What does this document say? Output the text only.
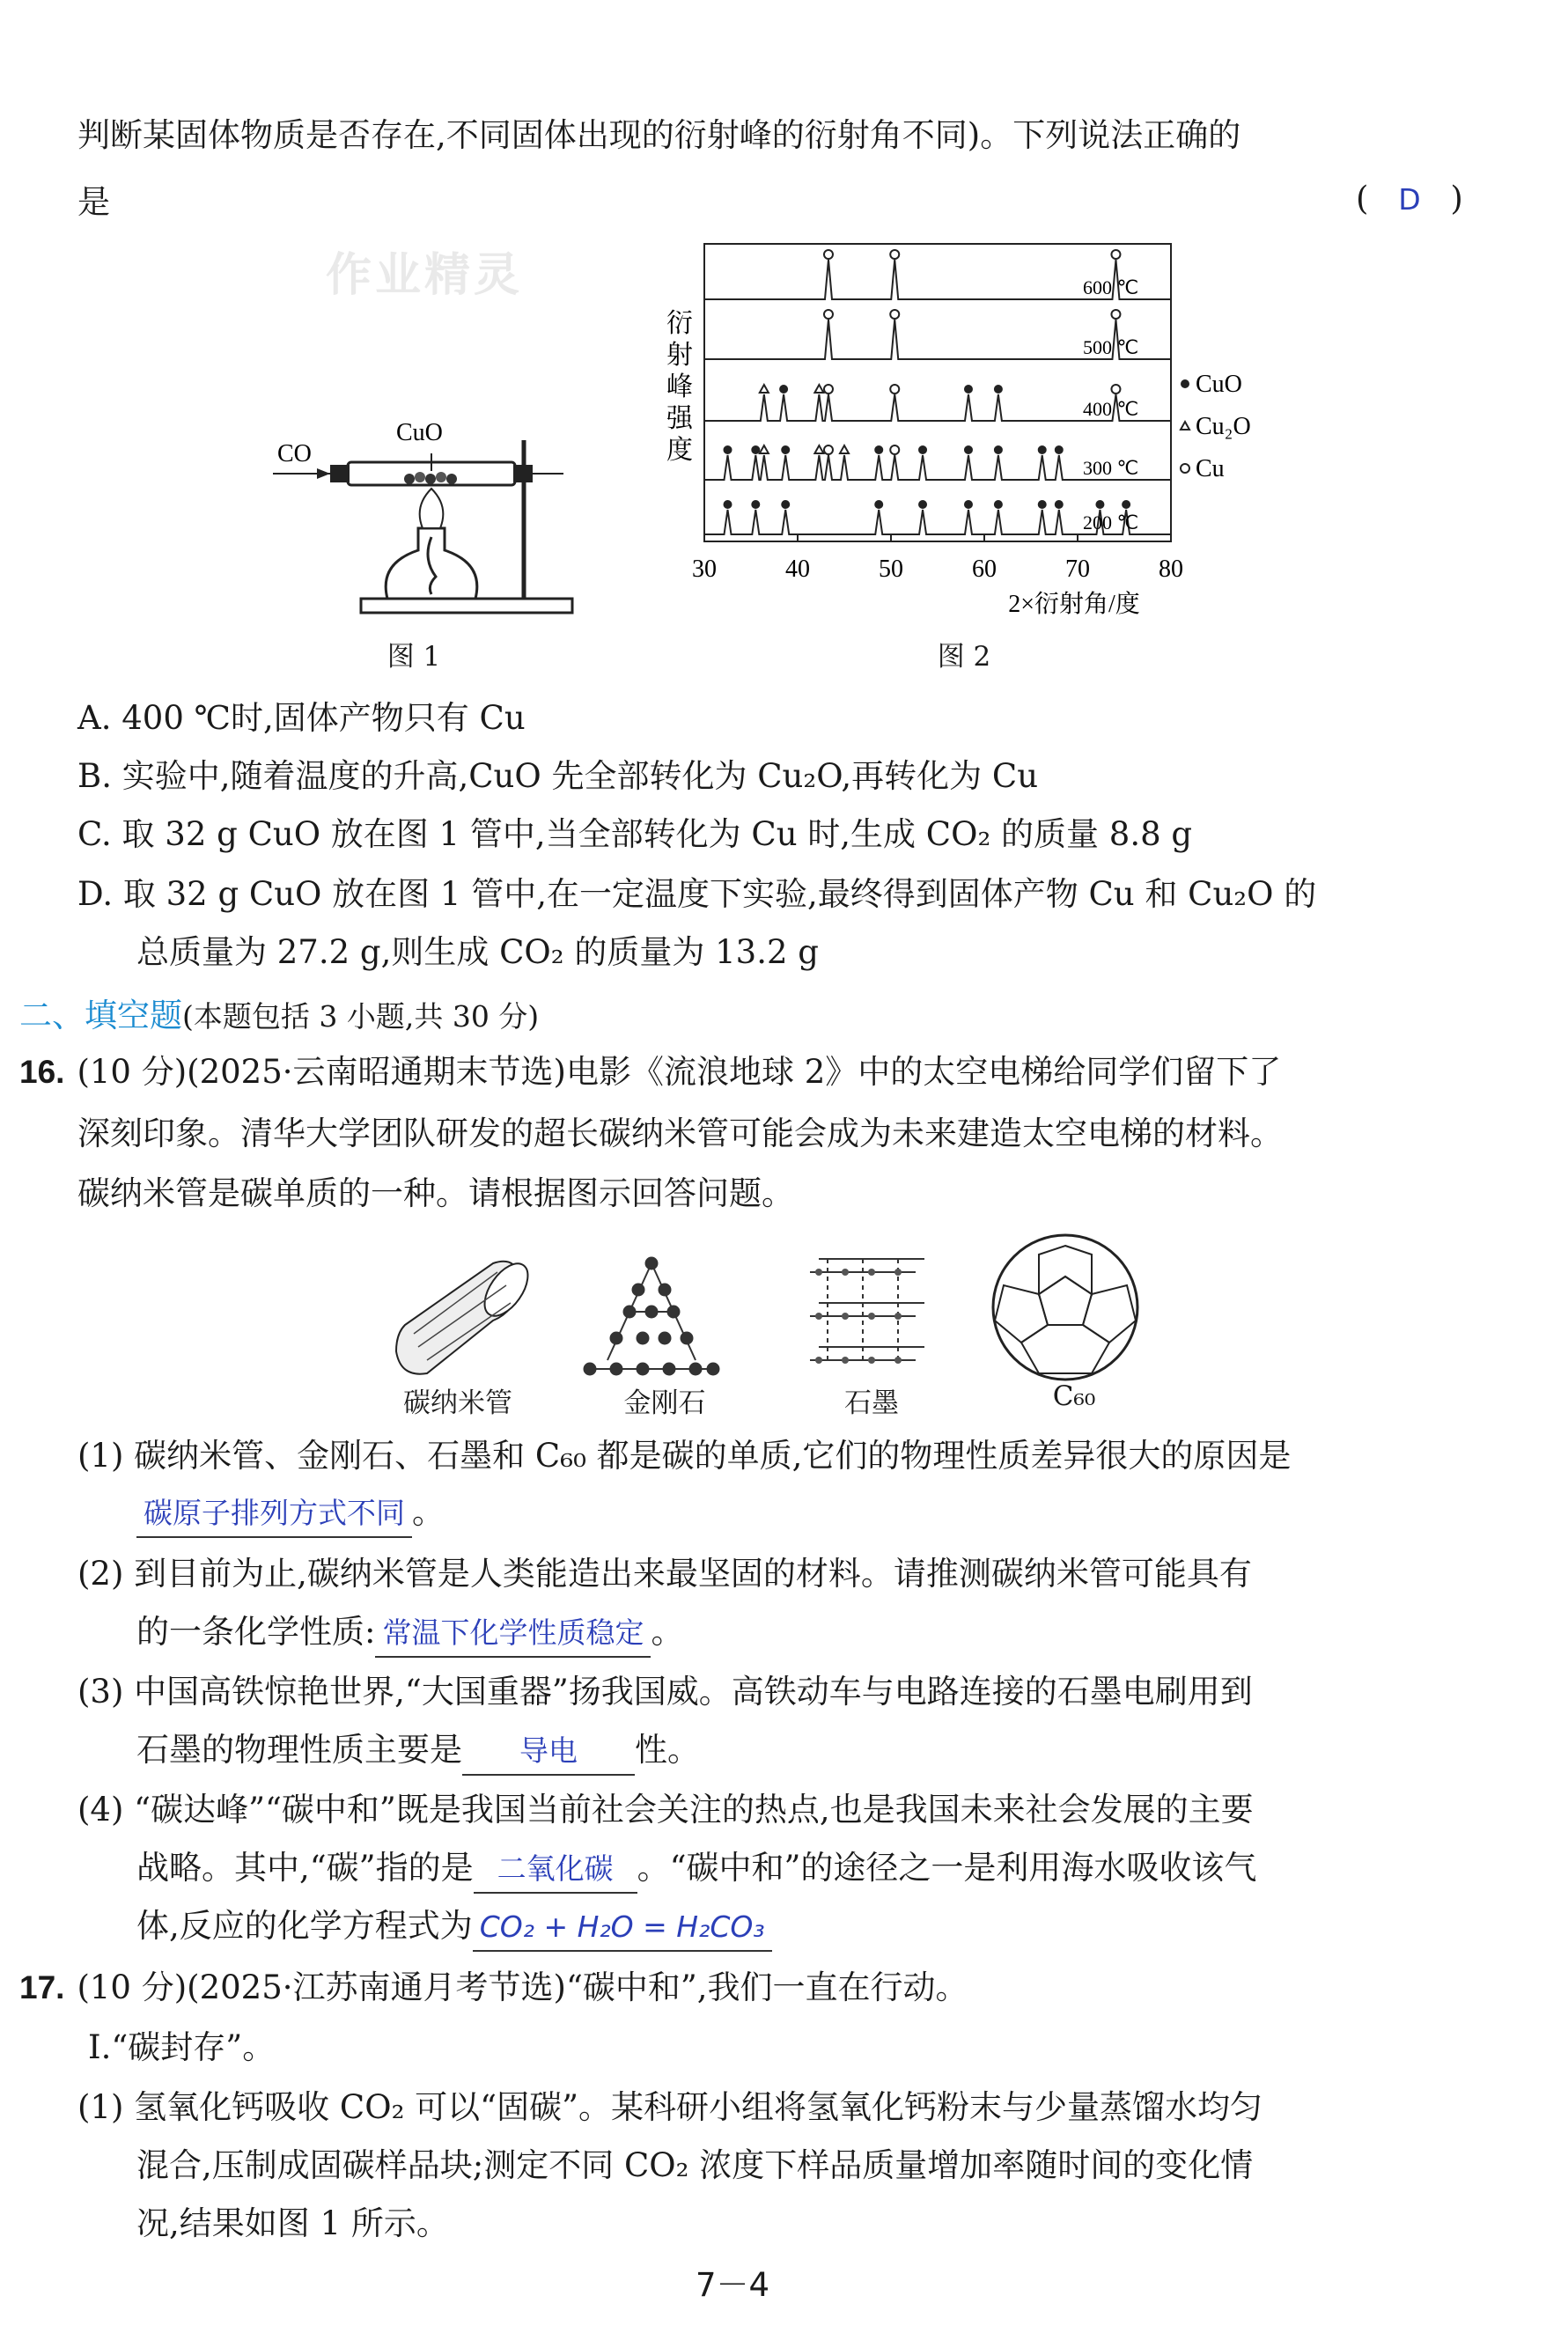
判断某固体物质是否存在,不同固体出现的衍射峰的衍射角不同)。下列说法正确的
是	( D )
作业精灵
CO
CuO
图 1
衍
射
峰
强
度
600 ℃
500 ℃
400 ℃
300 ℃
200 ℃
30	40	50	60	70	80
2×衍射角/度
CuO
Cu₂O
Cu
图 2
A. 400 ℃时,固体产物只有 Cu
B. 实验中,随着温度的升高,CuO 先全部转化为 Cu₂O,再转化为 Cu
C. 取 32 g CuO 放在图 1 管中,当全部转化为 Cu 时,生成 CO₂ 的质量 8.8 g
D. 取 32 g CuO 放在图 1 管中,在一定温度下实验,最终得到固体产物 Cu 和 Cu₂O 的
总质量为 27.2 g,则生成 CO₂ 的质量为 13.2 g
二、填空题(本题包括 3 小题,共 30 分)
16. (10 分)(2025·云南昭通期末节选)电影《流浪地球 2》中的太空电梯给同学们留下了
深刻印象。清华大学团队研发的超长碳纳米管可能会成为未来建造太空电梯的材料。
碳纳米管是碳单质的一种。请根据图示回答问题。
碳纳米管	金刚石	石墨	C₆₀
(1) 碳纳米管、金刚石、石墨和 C₆₀ 都是碳的单质,它们的物理性质差异很大的原因是
碳原子排列方式不同 。
(2) 到目前为止,碳纳米管是人类能造出来最坚固的材料。请推测碳纳米管可能具有
的一条化学性质: 常温下化学性质稳定 。
(3) 中国高铁惊艳世界,“大国重器”扬我国威。高铁动车与电路连接的石墨电刷用到
石墨的物理性质主要是 导电 性。
(4) “碳达峰”“碳中和”既是我国当前社会关注的热点,也是我国未来社会发展的主要
战略。其中,“碳”指的是 二氧化碳 。“碳中和”的途径之一是利用海水吸收该气
体,反应的化学方程式为 CO₂ + H₂O = H₂CO₃
17. (10 分)(2025·江苏南通月考节选)“碳中和”,我们一直在行动。
Ⅰ.“碳封存”。
(1) 氢氧化钙吸收 CO₂ 可以“固碳”。某科研小组将氢氧化钙粉末与少量蒸馏水均匀
混合,压制成固碳样品块;测定不同 CO₂ 浓度下样品质量增加率随时间的变化情
况,结果如图 1 所示。
7－4
